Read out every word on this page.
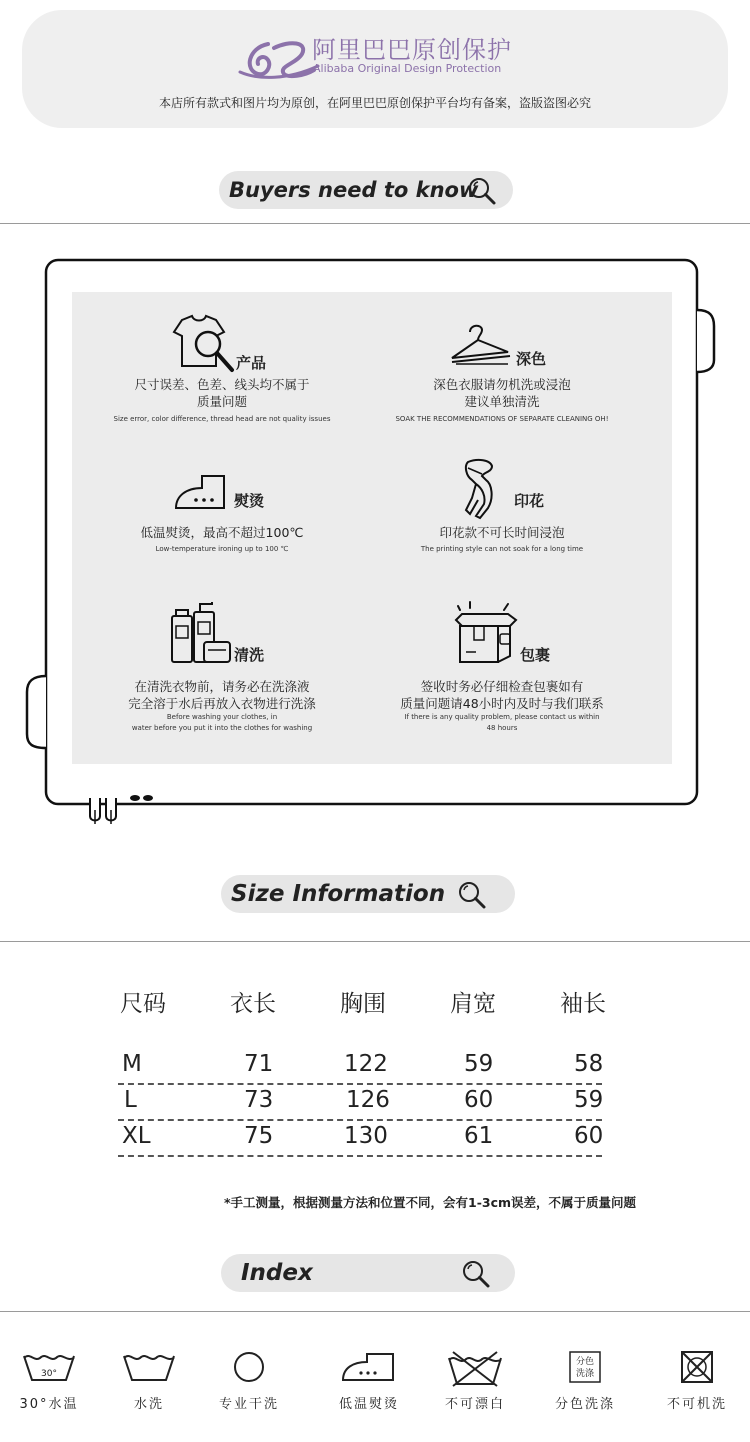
阿里巴巴原创保护
Alibaba Original Design Protection
本店所有款式和图片均为原创，在阿里巴巴原创保护平台均有备案，盗版盗图必究
Buyers need to know
产品
尺寸误差、色差、线头均不属于
质量问题
Size error, color difference, thread head are not quality issues
深色
深色衣服请勿机洗或浸泡
建议单独清洗
SOAK THE RECOMMENDATIONS OF SEPARATE CLEANING OH!
熨烫
低温熨烫，最高不超过100℃
Low-temperature ironing up to 100 ℃
印花
印花款不可长时间浸泡
The printing style can not soak for a long time
清洗
在清洗衣物前，请务必在洗涤液
完全溶于水后再放入衣物进行洗涤
Before washing your clothes, in
water before you put it into the clothes for washing
包裹
签收时务必仔细检查包裹如有
质量问题请48小时内及时与我们联系
If there is any quality problem, please contact us within
48 hours
Size Information
尺码	衣长	胸围	肩宽	袖长
M	71	122	59	58
L	73	126	60	59
XL	75	130	61	60
*手工测量，根据测量方法和位置不同，会有1-3cm误差，不属于质量问题
Index
30°
30°水温	水洗	专业干洗	低温熨烫	不可漂白
分色
洗涤
分色洗涤	不可机洗
